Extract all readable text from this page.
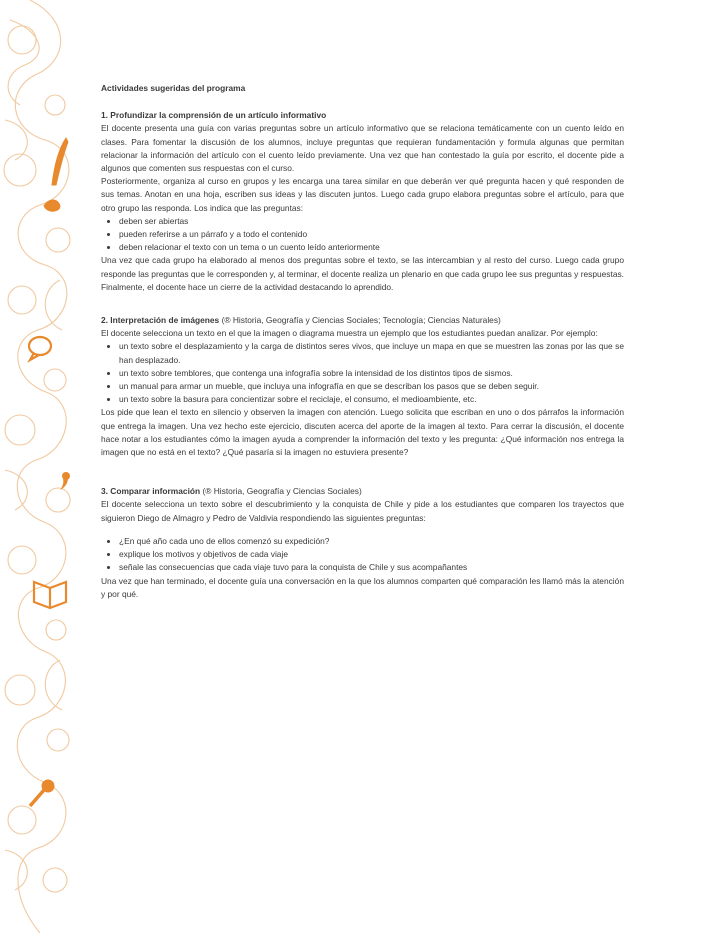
Actividades sugeridas del programa
1. Profundizar la comprensión de un artículo informativo

El docente presenta una guía con varias preguntas sobre un artículo informativo que se relaciona temáticamente con un cuento leído en clases. Para fomentar la discusión de los alumnos, incluye preguntas que requieran fundamentación y formula algunas que permitan relacionar la información del artículo con el cuento leído previamente. Una vez que han contestado la guía por escrito, el docente pide a algunos que comenten sus respuestas con el curso.

Posteriormente, organiza al curso en grupos y les encarga una tarea similar en que deberán ver qué pregunta hacen y qué responden de sus temas. Anotan en una hoja, escriben sus ideas y las discuten juntos. Luego cada grupo elabora preguntas sobre el artículo, para que otro grupo las responda. Los indica que las preguntas:

• deben ser abiertas
• pueden referirse a un párrafo y a todo el contenido
• deben relacionar el texto con un tema o un cuento leído anteriormente

Una vez que cada grupo ha elaborado al menos dos preguntas sobre el texto, se las intercambian y al resto del curso. Luego cada grupo responde las preguntas que le corresponden y, al terminar, el docente realiza un plenario en que cada grupo lee sus preguntas y respuestas. Finalmente, el docente hace un cierre de la actividad destacando lo aprendido.

2. Interpretación de imágenes (® Historia, Geografía y Ciencias Sociales; Tecnología; Ciencias Naturales)

El docente selecciona un texto en el que la imagen o diagrama muestra un ejemplo que los estudiantes puedan analizar. Por ejemplo:

• un texto sobre el desplazamiento y la carga de distintos seres vivos, que incluye un mapa en que se muestren las zonas por las que se han desplazado.
• un texto sobre temblores, que contenga una infografía sobre la intensidad de los distintos tipos de sismos.
• un manual para armar un mueble, que incluya una infografía en que se describan los pasos que se deben seguir.
• un texto sobre la basura para concientizar sobre el reciclaje, el consumo, el medioambiente, etc.

Los pide que lean el texto en silencio y observen la imagen con atención. Luego solicita que escriban en uno o dos párrafos la información que entrega la imagen. Una vez hecho este ejercicio, discuten acerca del aporte de la imagen al texto. Para cerrar la discusión, el docente hace notar a los estudiantes cómo la imagen ayuda a comprender la información del texto y les pregunta: ¿Qué información nos entrega la imagen que no está en el texto? ¿Qué pasaría si la imagen no estuviera presente?

3. Comparar información (® Historia, Geografía y Ciencias Sociales)

El docente selecciona un texto sobre el descubrimiento y la conquista de Chile y pide a los estudiantes que comparen los trayectos que siguieron Diego de Almagro y Pedro de Valdivia respondiendo las siguientes preguntas:

• ¿En qué año cada uno de ellos comenzó su expedición?
• explique los motivos y objetivos de cada viaje
• señale las consecuencias que cada viaje tuvo para la conquista de Chile y sus acompañantes

Una vez que han terminado, el docente guía una conversación en la que los alumnos comparten qué comparación les llamó más la atención y por qué.
